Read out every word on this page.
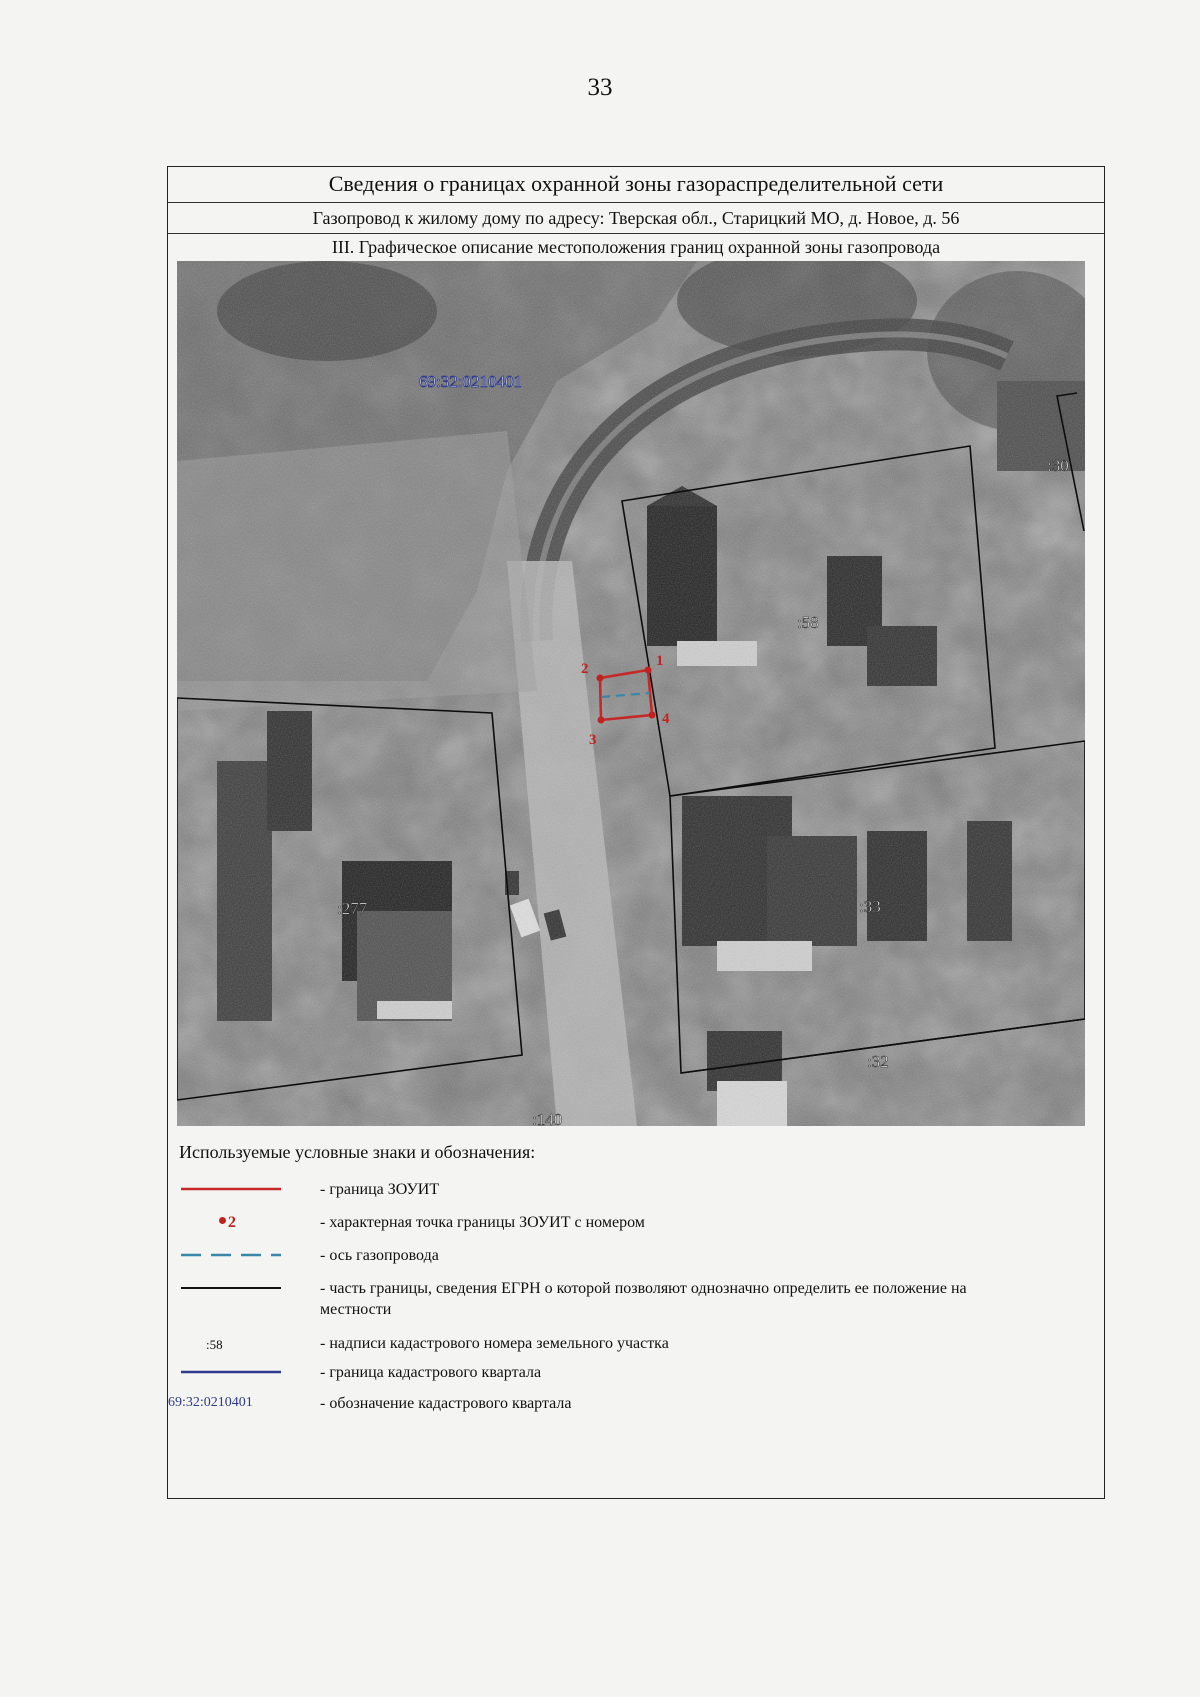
33
Сведения о границах охранной зоны газораспределительной сети
Газопровод к жилому дому по адресу: Тверская обл., Старицкий МО, д. Новое, д. 56
III. Графическое описание местоположения границ охранной зоны газопровода
1
2
3
4
69:32:0210401
:58
:277	:33
:30
:32
:140
Используемые условные знаки и обозначения:
- граница ЗОУИТ
2	- характерная точка границы ЗОУИТ с номером
- ось газопровода
- часть границы, сведения ЕГРН о которой позволяют однозначно определить ее положение на местности
:58	- надписи кадастрового номера земельного участка
- граница кадастрового квартала
69:32:0210401	- обозначение кадастрового квартала
